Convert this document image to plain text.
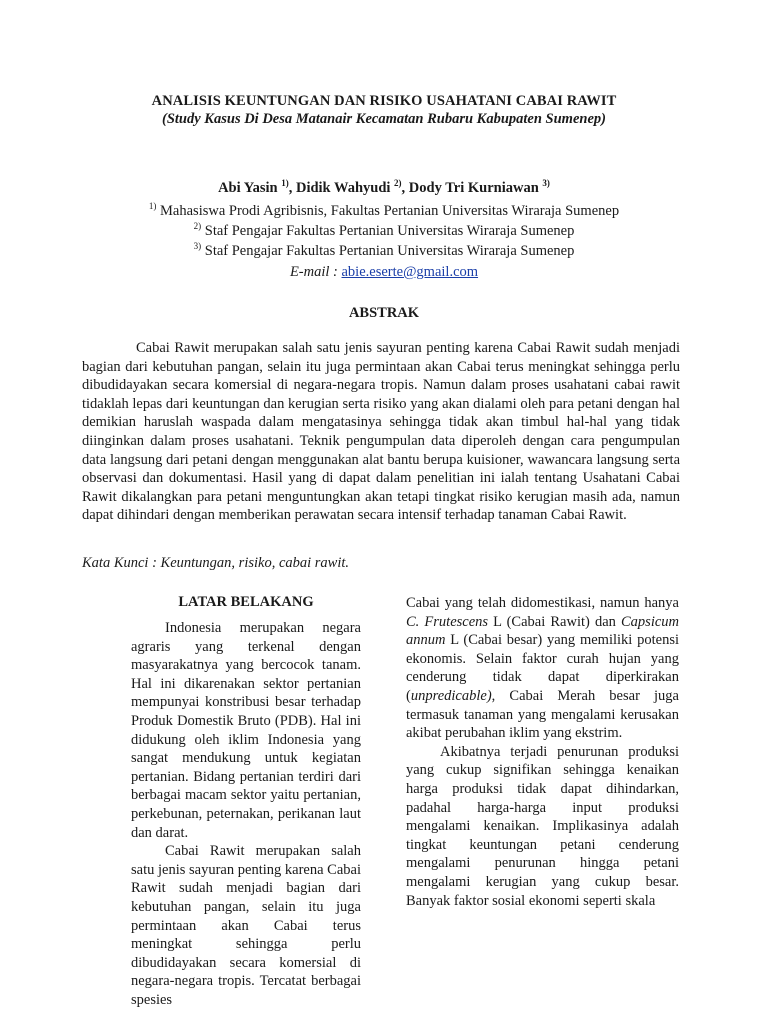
ANALISIS KEUNTUNGAN DAN RISIKO USAHATANI CABAI RAWIT
(Study Kasus Di Desa Matanair Kecamatan Rubaru Kabupaten Sumenep)
Abi Yasin $^{1)}$, Didik Wahyudi $^{2)}$, Dody Tri Kurniawan $^{3)}$
$^{1)}$ Mahasiswa Prodi Agribisnis, Fakultas Pertanian Universitas Wiraraja Sumenep
$^{2)}$ Staf Pengajar Fakultas Pertanian Universitas Wiraraja Sumenep
$^{3)}$ Staf Pengajar Fakultas Pertanian Universitas Wiraraja Sumenep
E-mail : abie.eserte@gmail.com
ABSTRAK

Cabai Rawit merupakan salah satu jenis sayuran penting karena Cabai Rawit sudah menjadi bagian dari kebutuhan pangan, selain itu juga permintaan akan Cabai terus meningkat sehingga perlu dibudidayakan secara komersial di negara-negara tropis. Namun dalam proses usahatani cabai rawit tidaklah lepas dari keuntungan dan kerugian serta risiko yang akan dialami oleh para petani dengan hal demikian haruslah waspada dalam mengatasinya sehingga tidak akan timbul hal-hal yang tidak diinginkan dalam proses usahatani. Teknik pengumpulan data diperoleh dengan cara pengumpulan data langsung dari petani dengan menggunakan alat bantu berupa kuisioner, wawancara langsung serta observasi dan dokumentasi. Hasil yang di dapat dalam penelitian ini ialah tentang Usahatani Cabai Rawit dikalangkan para petani menguntungkan akan tetapi tingkat risiko kerugian masih ada, namun dapat dihindari dengan memberikan perawatan secara intensif terhadap tanaman Cabai Rawit.

Kata Kunci : Keuntungan, risiko, cabai rawit.
LATAR BELAKANG

Indonesia merupakan negara agraris yang terkenal dengan masyarakatnya yang bercocok tanam. Hal ini dikarenakan sektor pertanian mempunyai konstribusi besar terhadap Produk Domestik Bruto (PDB). Hal ini didukung oleh iklim Indonesia yang sangat mendukung untuk kegiatan pertanian. Bidang pertanian terdiri dari berbagai macam sektor yaitu pertanian, perkebunan, peternakan, perikanan laut dan darat.

Cabai Rawit merupakan salah satu jenis sayuran penting karena Cabai Rawit sudah menjadi bagian dari kebutuhan pangan, selain itu juga permintaan akan Cabai terus meningkat sehingga perlu dibudidayakan secara komersial di negara-negara tropis. Tercatat berbagai spesies

Cabai yang telah didomestikasi, namun hanya C. Frutescens L (Cabai Rawit) dan Capsicum annum L (Cabai besar) yang memiliki potensi ekonomis. Selain faktor curah hujan yang cenderung tidak dapat diperkirakan (unpredicable), Cabai Merah besar juga termasuk tanaman yang mengalami kerusakan akibat perubahan iklim yang ekstrim.

Akibatnya terjadi penurunan produksi yang cukup signifikan sehingga kenaikan harga produksi tidak dapat dihindarkan, padahal harga-harga input produksi mengalami kenaikan. Implikasinya adalah tingkat keuntungan petani cenderung mengalami penurunan hingga petani mengalami kerugian yang cukup besar. Banyak faktor sosial ekonomi seperti skala
